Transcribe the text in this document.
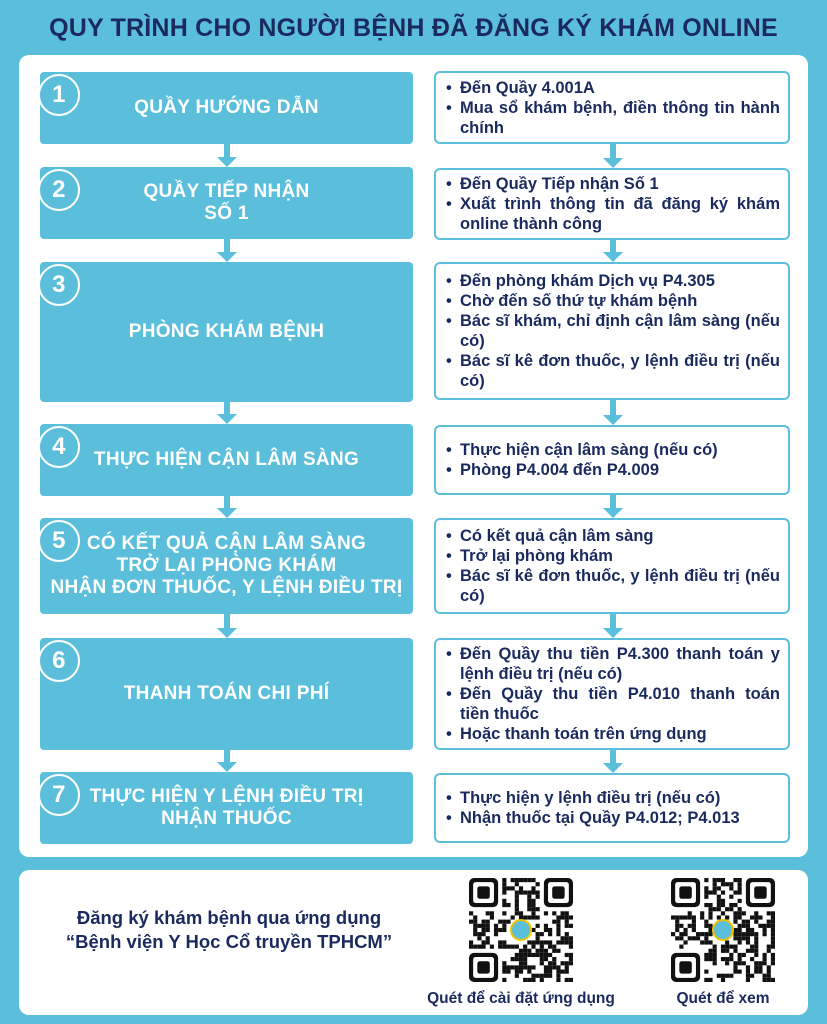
QUY TRÌNH CHO NGƯỜI BỆNH ĐÃ ĐĂNG KÝ KHÁM ONLINE
1	QUẦY HƯỚNG DẪN
• Đến Quầy 4.001A
• Mua sổ khám bệnh, điền thông tin hành chính
2	QUẦY TIẾP NHẬN
SỐ 1
• Đến Quầy Tiếp nhận Số 1
• Xuất trình thông tin đã đăng ký khám online thành công
3
PHÒNG KHÁM BỆNH
• Đến phòng khám Dịch vụ P4.305
• Chờ đến số thứ tự khám bệnh
• Bác sĩ khám, chỉ định cận lâm sàng (nếu có)
• Bác sĩ kê đơn thuốc, y lệnh điều trị (nếu có)
4	THỰC HIỆN CẬN LÂM SÀNG
•	Thực hiện cận lâm sàng (nếu có)
• Phòng P4.004 đến P4.009
5	CÓ KẾT QUẢ CẬN LÂM SÀNG
TRỞ LẠI PHÒNG KHÁM
NHẬN ĐƠN THUỐC, Y LỆNH ĐIỀU TRỊ
• Có kết quả cận lâm sàng
• Trở lại phòng khám
• Bác sĩ kê đơn thuốc, y lệnh điều trị (nếu có)
6
THANH TOÁN CHI PHÍ
• Đến Quầy thu tiền P4.300 thanh toán y lệnh điều trị (nếu có)
• Đến Quầy thu tiền P4.010 thanh toán tiền thuốc
• Hoặc thanh toán trên ứng dụng
7	THỰC HIỆN Y LỆNH ĐIỀU TRỊ
NHẬN THUỐC
• Thực hiện y lệnh điều trị (nếu có)
• Nhận thuốc tại Quầy P4.012; P4.013
Đăng ký khám bệnh qua ứng dụng
“Bệnh viện Y Học Cổ truyền TPHCM”
Quét để cài đặt ứng dụng	Quét để xem
